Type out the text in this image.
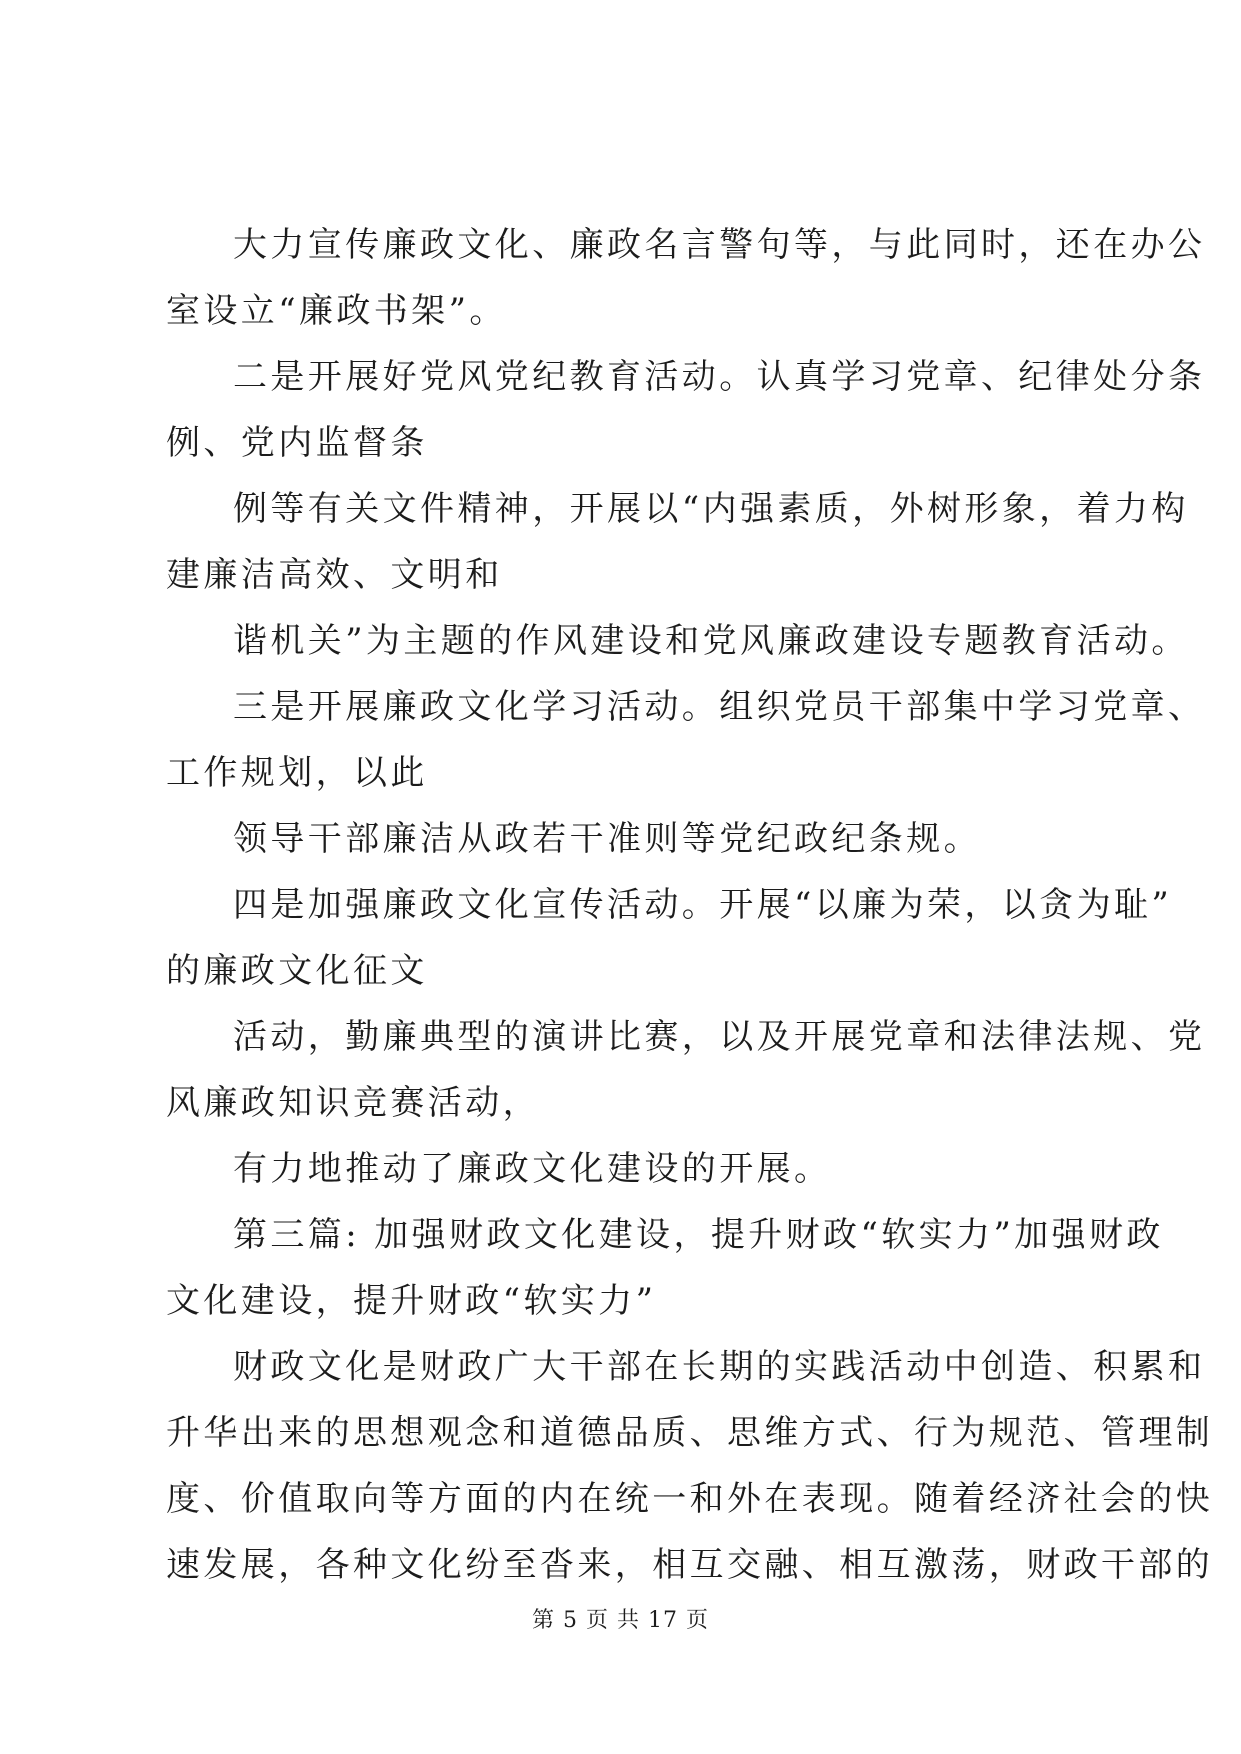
大力宣传廉政文化、廉政名言警句等，与此同时，还在办公

室设立“廉政书架”。

二是开展好党风党纪教育活动。认真学习党章、纪律处分条

例、党内监督条

例等有关文件精神，开展以“内强素质，外树形象，着力构

建廉洁高效、文明和

谐机关”为主题的作风建设和党风廉政建设专题教育活动。

三是开展廉政文化学习活动。组织党员干部集中学习党章、

工作规划，以此

领导干部廉洁从政若干准则等党纪政纪条规。

四是加强廉政文化宣传活动。开展“以廉为荣，以贪为耻”

的廉政文化征文

活动，勤廉典型的演讲比赛，以及开展党章和法律法规、党

风廉政知识竞赛活动，

有力地推动了廉政文化建设的开展。

第三篇: 加强财政文化建设，提升财政“软实力”加强财政

文化建设，提升财政“软实力”

财政文化是财政广大干部在长期的实践活动中创造、积累和

升华出来的思想观念和道德品质、思维方式、行为规范、管理制

度、价值取向等方面的内在统一和外在表现。随着经济社会的快

速发展，各种文化纷至沓来，相互交融、相互激荡，财政干部的

第 5 页 共 17 页
